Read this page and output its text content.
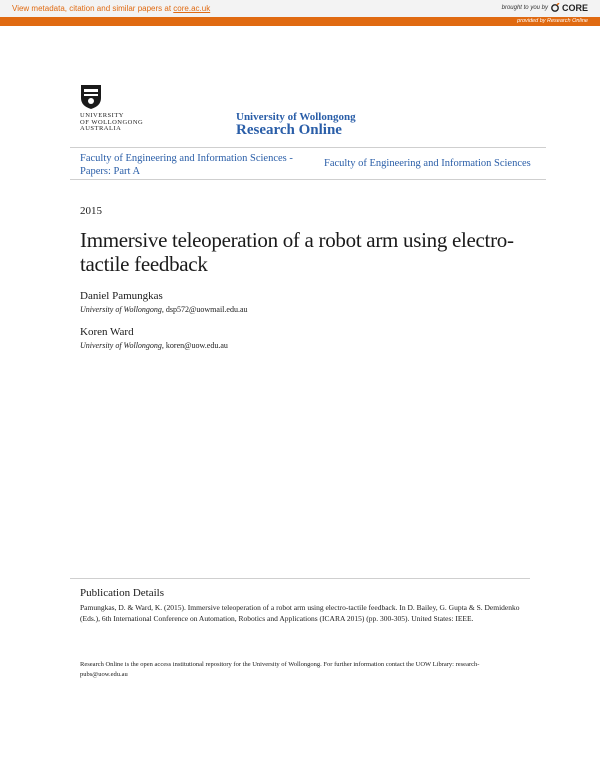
View metadata, citation and similar papers at core.ac.uk	brought to you by CORE
provided by Research Online
UNIVERSITY
OF WOLLONGONG
AUSTRALIA
University of Wollongong
Research Online
Faculty of Engineering and Information Sciences - Papers: Part A
Faculty of Engineering and Information Sciences
2015
Immersive teleoperation of a robot arm using electro-tactile feedback
Daniel Pamungkas
University of Wollongong, dsp572@uowmail.edu.au
Koren Ward
University of Wollongong, koren@uow.edu.au
Publication Details
Pamungkas, D. & Ward, K. (2015). Immersive teleoperation of a robot arm using electro-tactile feedback. In D. Bailey, G. Gupta & S. Demidenko (Eds.), 6th International Conference on Automation, Robotics and Applications (ICARA 2015) (pp. 300-305). United States: IEEE.
Research Online is the open access institutional repository for the University of Wollongong. For further information contact the UOW Library: research-pubs@uow.edu.au
